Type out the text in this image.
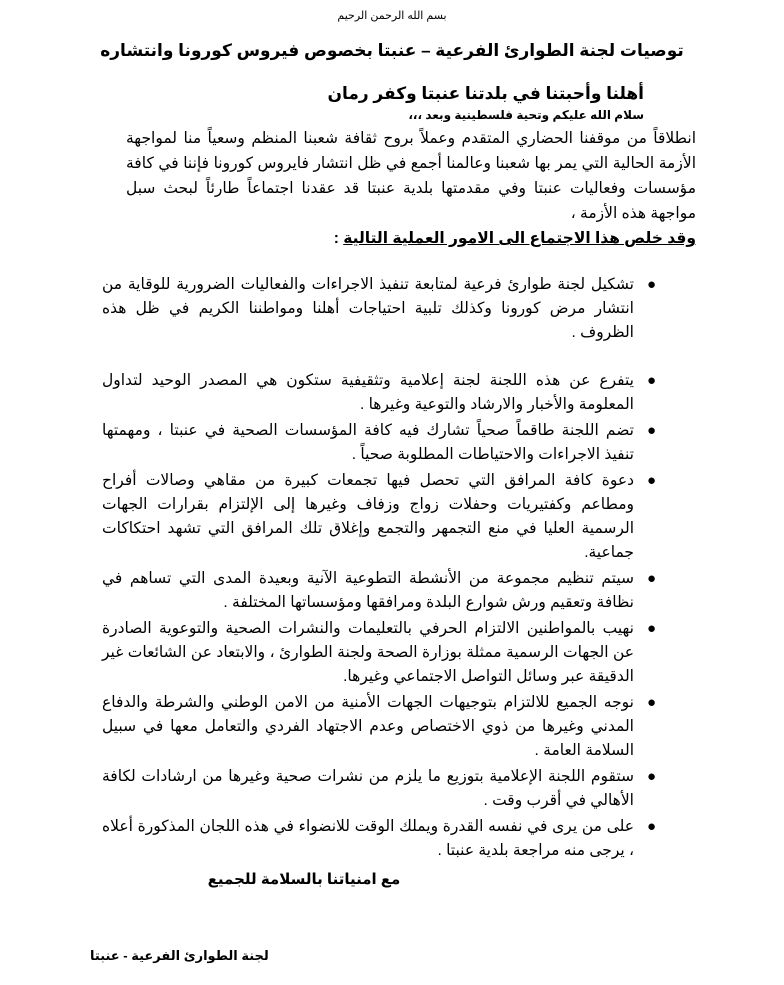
بسم الله الرحمن الرحيم
توصيات لجنة الطوارئ الفرعية – عنبتا بخصوص فيروس كورونا وانتشاره
أهلنا وأحبتنا في بلدتنا عنبتا وكفر رمان
سلام الله عليكم وتحية فلسطينية وبعد ،،،
انطلاقاً من موقفنا الحضاري المتقدم وعملاً بروح ثقافة شعبنا المنظم وسعياً منا لمواجهة الأزمة الحالية التي يمر بها شعبنا وعالمنا أجمع في ظل انتشار فايروس كورونا فإننا في كافة مؤسسات وفعاليات عنبتا وفي مقدمتها بلدية عنبتا قد عقدنا اجتماعاً طارئاً لبحث سبل مواجهة هذه الأزمة ،
وقد خلص هذا الاجتماع الى الامور العملية التالية :
●
تشكيل لجنة طوارئ فرعية لمتابعة تنفيذ الاجراءات والفعاليات الضرورية للوقاية من انتشار مرض كورونا وكذلك تلبية احتياجات أهلنا ومواطننا الكريم في ظل هذه الظروف .
●
يتفرع عن هذه اللجنة لجنة إعلامية وتثقيفية ستكون هي المصدر الوحيد لتداول المعلومة والأخبار والارشاد والتوعية وغيرها .
●
تضم اللجنة طاقماً صحياً تشارك فيه كافة المؤسسات الصحية في عنبتا ، ومهمتها تنفيذ الاجراءات والاحتياطات المطلوبة صحياً .
●
دعوة كافة المرافق التي تحصل فيها تجمعات كبيرة من مقاهي وصالات أفراح ومطاعم وكفتيريات وحفلات زواج وزفاف وغيرها إلى الإلتزام بقرارات الجهات الرسمية العليا في منع التجمهر والتجمع وإغلاق تلك المرافق التي تشهد احتكاكات جماعية.
●
سيتم تنظيم مجموعة من الأنشطة التطوعية الآنية وبعيدة المدى التي تساهم في نظافة وتعقيم ورش شوارع البلدة ومرافقها ومؤسساتها المختلفة .
●
نهيب بالمواطنين الالتزام الحرفي بالتعليمات والنشرات الصحية والتوعوية الصادرة عن الجهات الرسمية ممثلة بوزارة الصحة ولجنة الطوارئ ، والابتعاد عن الشائعات غير الدقيقة عبر وسائل التواصل الاجتماعي وغيرها.
●
نوجه الجميع للالتزام بتوجيهات الجهات الأمنية من الامن الوطني والشرطة والدفاع المدني وغيرها من ذوي الاختصاص وعدم الاجتهاد الفردي والتعامل معها في سبيل السلامة العامة .
●
ستقوم اللجنة الإعلامية بتوزيع ما يلزم من نشرات صحية وغيرها من ارشادات لكافة الأهالي في أقرب وقت .
●
على من يرى في نفسه القدرة ويملك الوقت للانضواء في هذه اللجان المذكورة أعلاه ، يرجى منه مراجعة بلدية عنبتا .
مع امنياتنا بالسلامة للجميع
لجنة الطوارئ الفرعية - عنبتا
